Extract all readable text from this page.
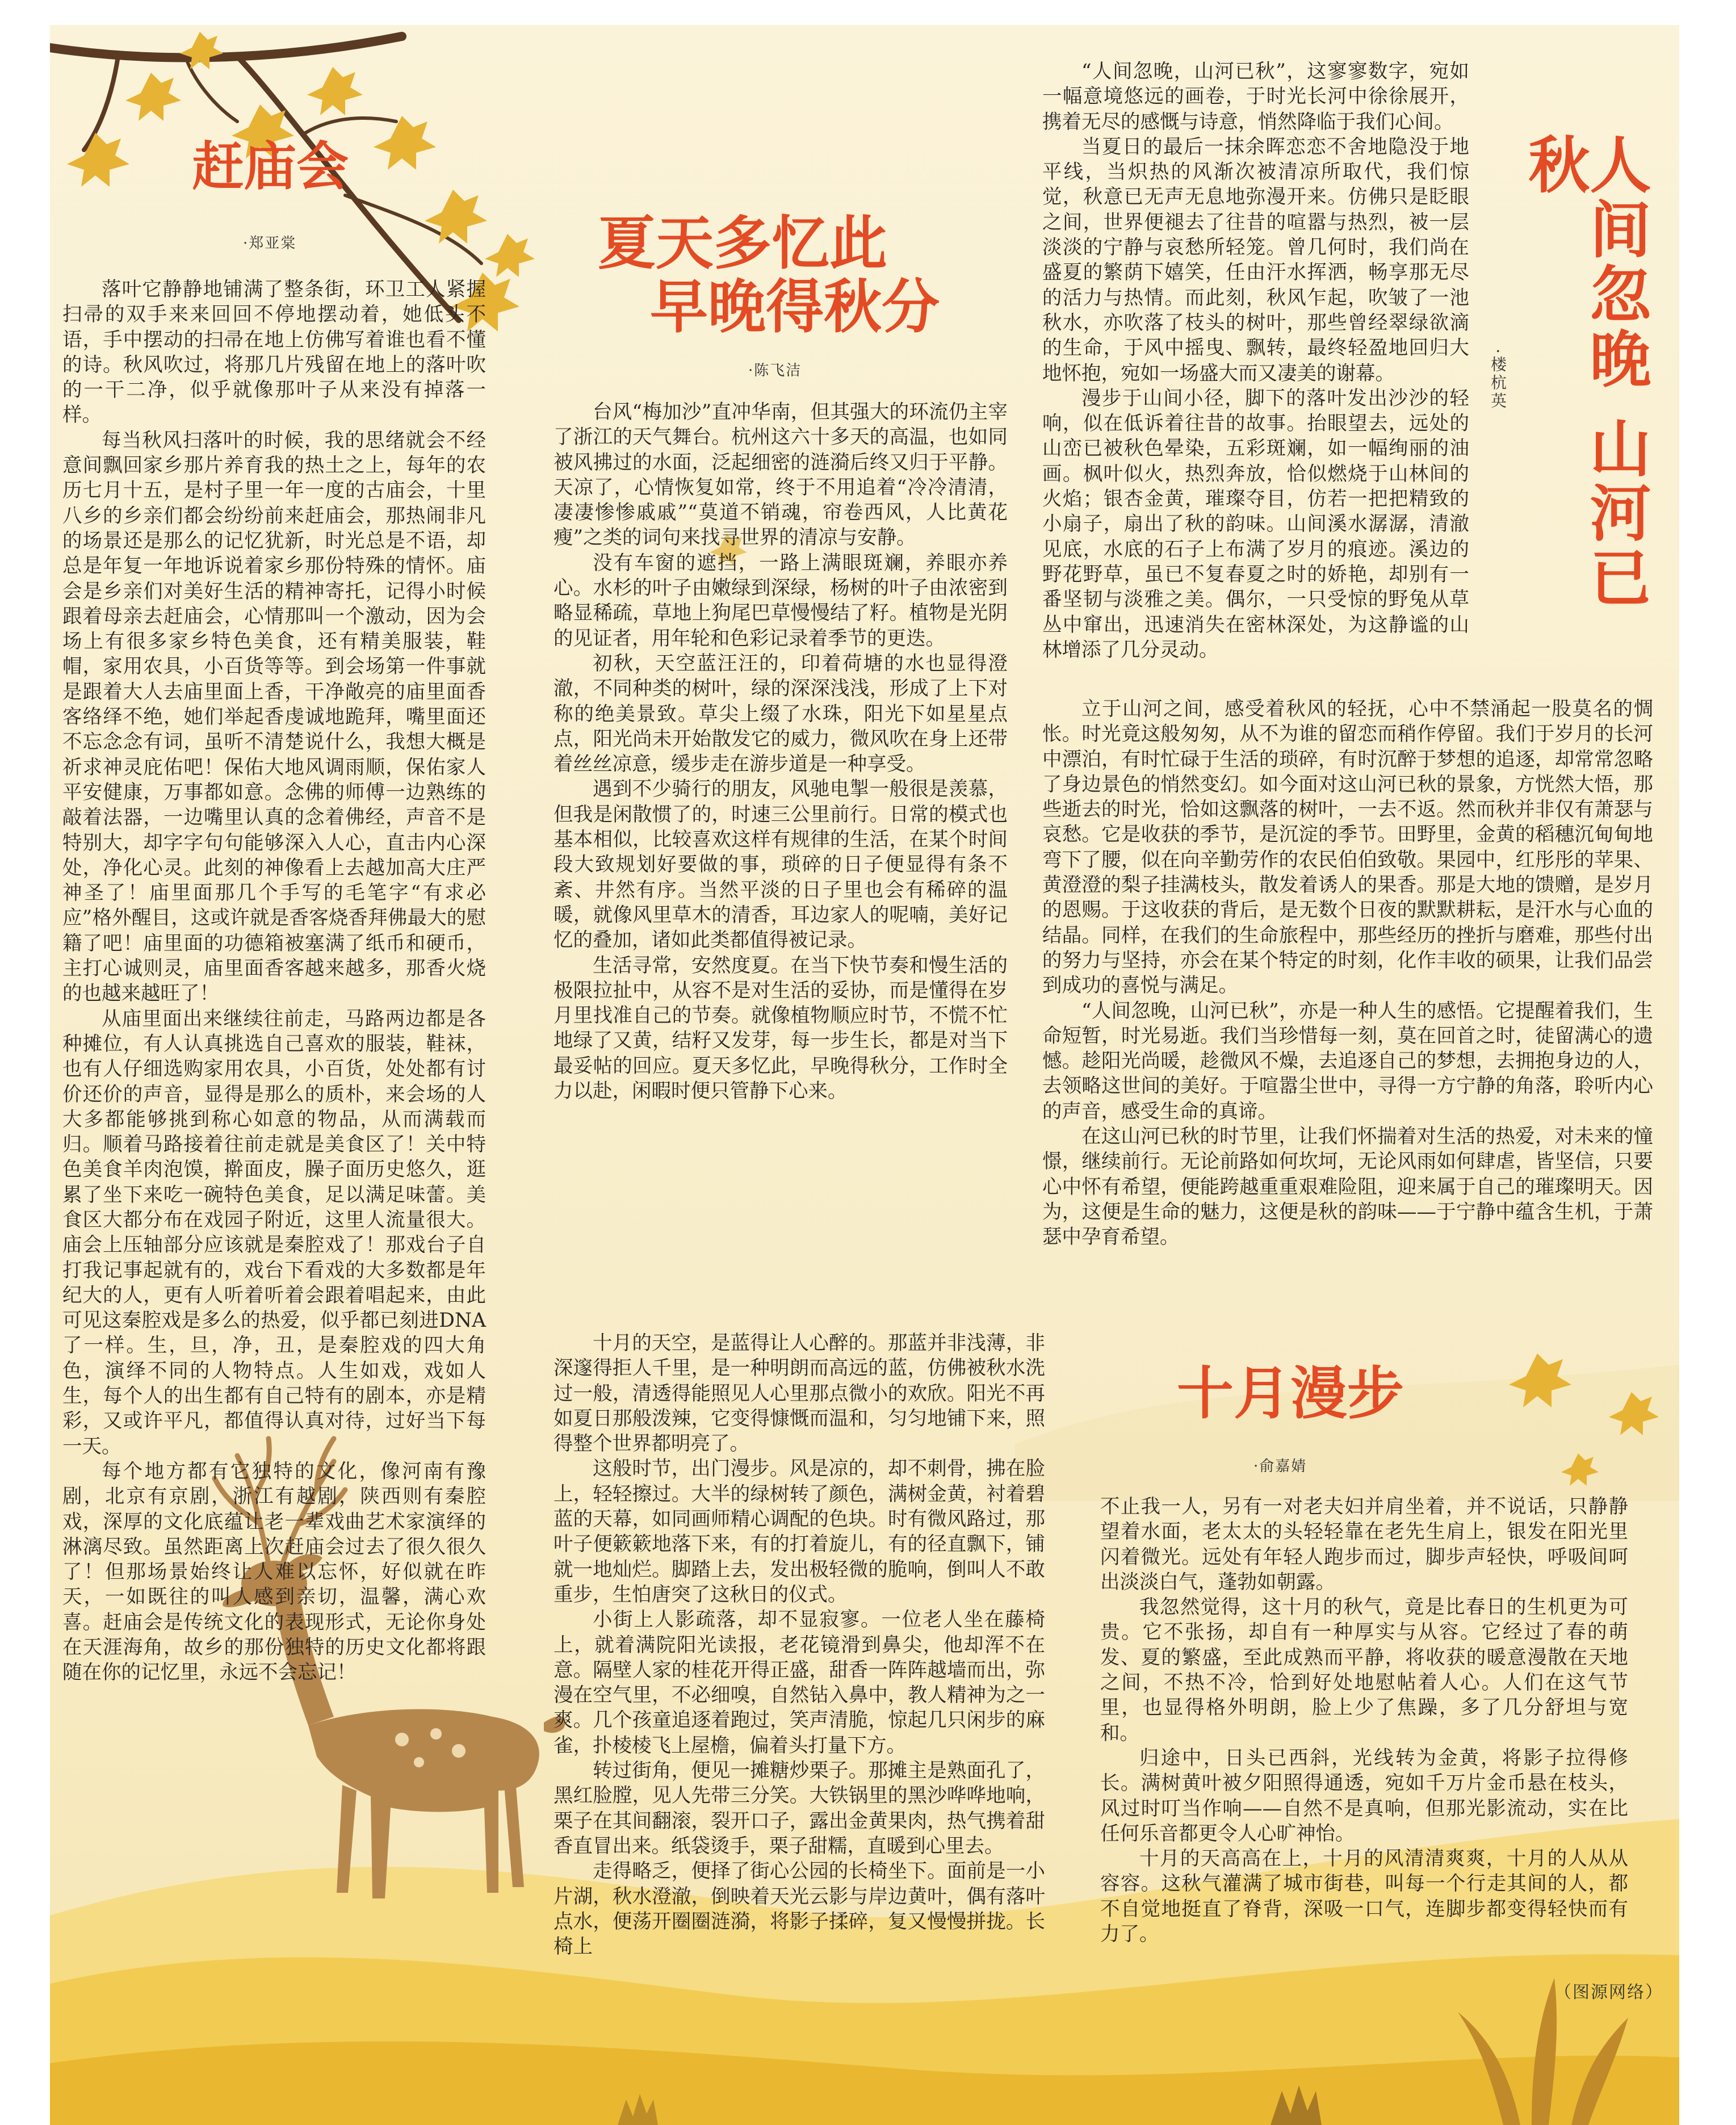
赶庙会
·郑亚棠

落叶它静静地铺满了整条街，环卫工人紧握扫帚的双手来来回回不停地摆动着，她低头不语，手中摆动的扫帚在地上仿佛写着谁也看不懂的诗。秋风吹过，将那几片残留在地上的落叶吹的一干二净，似乎就像那叶子从来没有掉落一样。

每当秋风扫落叶的时候，我的思绪就会不经意间飘回家乡那片养育我的热土之上，每年的农历七月十五，是村子里一年一度的古庙会，十里八乡的乡亲们都会纷纷前来赶庙会，那热闹非凡的场景还是那么的记忆犹新，时光总是不语，却总是年复一年地诉说着家乡那份特殊的情怀。庙会是乡亲们对美好生活的精神寄托，记得小时候跟着母亲去赶庙会，心情那叫一个激动，因为会场上有很多家乡特色美食，还有精美服装，鞋帽，家用农具，小百货等等。到会场第一件事就是跟着大人去庙里面上香，干净敞亮的庙里面香客络绎不绝，她们举起香虔诚地跪拜，嘴里面还不忘念念有词，虽听不清楚说什么，我想大概是祈求神灵庇佑吧！保佑大地风调雨顺，保佑家人平安健康，万事都如意。念佛的师傅一边熟练的敲着法器，一边嘴里认真的念着佛经，声音不是特别大，却字字句句能够深入人心，直击内心深处，净化心灵。此刻的神像看上去越加高大庄严神圣了！庙里面那几个手写的毛笔字“有求必应”格外醒目，这或许就是香客烧香拜佛最大的慰籍了吧！庙里面的功德箱被塞满了纸币和硬币，主打心诚则灵，庙里面香客越来越多，那香火烧的也越来越旺了！

从庙里面出来继续往前走，马路两边都是各种摊位，有人认真挑选自己喜欢的服装，鞋袜，也有人仔细选购家用农具，小百货，处处都有讨价还价的声音，显得是那么的质朴，来会场的人大多都能够挑到称心如意的物品，从而满载而归。顺着马路接着往前走就是美食区了！关中特色美食羊肉泡馍，擀面皮，臊子面历史悠久，逛累了坐下来吃一碗特色美食，足以满足味蕾。美食区大都分布在戏园子附近，这里人流量很大。庙会上压轴部分应该就是秦腔戏了！那戏台子自打我记事起就有的，戏台下看戏的大多数都是年纪大的人，更有人听着听着会跟着唱起来，由此可见这秦腔戏是多么的热爱，似乎都已刻进DNA了一样。生，旦，净，丑，是秦腔戏的四大角色，演绎不同的人物特点。人生如戏，戏如人生，每个人的出生都有自己特有的剧本，亦是精彩，又或许平凡，都值得认真对待，过好当下每一天。

每个地方都有它独特的文化，像河南有豫剧，北京有京剧，浙江有越剧，陕西则有秦腔戏，深厚的文化底蕴让老一辈戏曲艺术家演绎的淋漓尽致。虽然距离上次赶庙会过去了很久很久了！但那场景始终让人难以忘怀，好似就在昨天，一如既往的叫人感到亲切，温馨，满心欢喜。赶庙会是传统文化的表现形式，无论你身处在天涯海角，故乡的那份独特的历史文化都将跟随在你的记忆里，永远不会忘记！

夏天多忆此
早晚得秋分
·陈飞洁

台风“梅加沙”直冲华南，但其强大的环流仍主宰了浙江的天气舞台。杭州这六十多天的高温，也如同被风拂过的水面，泛起细密的涟漪后终又归于平静。天凉了，心情恢复如常，终于不用追着“冷冷清清，凄凄惨惨戚戚”“莫道不销魂，帘卷西风，人比黄花瘦”之类的词句来找寻世界的清凉与安静。

没有车窗的遮挡，一路上满眼斑斓，养眼亦养心。水杉的叶子由嫩绿到深绿，杨树的叶子由浓密到略显稀疏，草地上狗尾巴草慢慢结了籽。植物是光阴的见证者，用年轮和色彩记录着季节的更迭。

初秋，天空蓝汪汪的，印着荷塘的水也显得澄澈，不同种类的树叶，绿的深深浅浅，形成了上下对称的绝美景致。草尖上缀了水珠，阳光下如星星点点，阳光尚未开始散发它的威力，微风吹在身上还带着丝丝凉意，缓步走在游步道是一种享受。

遇到不少骑行的朋友，风驰电掣一般很是羡慕，但我是闲散惯了的，时速三公里前行。日常的模式也基本相似，比较喜欢这样有规律的生活，在某个时间段大致规划好要做的事，琐碎的日子便显得有条不紊、井然有序。当然平淡的日子里也会有稀碎的温暖，就像风里草木的清香，耳边家人的呢喃，美好记忆的叠加，诸如此类都值得被记录。

生活寻常，安然度夏。在当下快节奏和慢生活的极限拉扯中，从容不是对生活的妥协，而是懂得在岁月里找准自己的节奏。就像植物顺应时节，不慌不忙地绿了又黄，结籽又发芽，每一步生长，都是对当下最妥帖的回应。夏天多忆此，早晚得秋分，工作时全力以赴，闲暇时便只管静下心来。

人间忽晚 山河已秋
·楼杭英

“人间忽晚，山河已秋”，这寥寥数字，宛如一幅意境悠远的画卷，于时光长河中徐徐展开，携着无尽的感慨与诗意，悄然降临于我们心间。

当夏日的最后一抹余晖恋恋不舍地隐没于地平线，当炽热的风渐次被清凉所取代，我们惊觉，秋意已无声无息地弥漫开来。仿佛只是眨眼之间，世界便褪去了往昔的喧嚣与热烈，被一层淡淡的宁静与哀愁所轻笼。曾几何时，我们尚在盛夏的繁荫下嬉笑，任由汗水挥洒，畅享那无尽的活力与热情。而此刻，秋风乍起，吹皱了一池秋水，亦吹落了枝头的树叶，那些曾经翠绿欲滴的生命，于风中摇曳、飘转，最终轻盈地回归大地怀抱，宛如一场盛大而又凄美的谢幕。

漫步于山间小径，脚下的落叶发出沙沙的轻响，似在低诉着往昔的故事。抬眼望去，远处的山峦已被秋色晕染，五彩斑斓，如一幅绚丽的油画。枫叶似火，热烈奔放，恰似燃烧于山林间的火焰；银杏金黄，璀璨夺目，仿若一把把精致的小扇子，扇出了秋的韵味。山间溪水潺潺，清澈见底，水底的石子上布满了岁月的痕迹。溪边的野花野草，虽已不复春夏之时的娇艳，却别有一番坚韧与淡雅之美。偶尔，一只受惊的野兔从草丛中窜出，迅速消失在密林深处，为这静谧的山林增添了几分灵动。

立于山河之间，感受着秋风的轻抚，心中不禁涌起一股莫名的惆怅。时光竟这般匆匆，从不为谁的留恋而稍作停留。我们于岁月的长河中漂泊，有时忙碌于生活的琐碎，有时沉醉于梦想的追逐，却常常忽略了身边景色的悄然变幻。如今面对这山河已秋的景象，方恍然大悟，那些逝去的时光，恰如这飘落的树叶，一去不返。然而秋并非仅有萧瑟与哀愁。它是收获的季节，是沉淀的季节。田野里，金黄的稻穗沉甸甸地弯下了腰，似在向辛勤劳作的农民伯伯致敬。果园中，红彤彤的苹果、黄澄澄的梨子挂满枝头，散发着诱人的果香。那是大地的馈赠，是岁月的恩赐。于这收获的背后，是无数个日夜的默默耕耘，是汗水与心血的结晶。同样，在我们的生命旅程中，那些经历的挫折与磨难，那些付出的努力与坚持，亦会在某个特定的时刻，化作丰收的硕果，让我们品尝到成功的喜悦与满足。

“人间忽晚，山河已秋”，亦是一种人生的感悟。它提醒着我们，生命短暂，时光易逝。我们当珍惜每一刻，莫在回首之时，徒留满心的遗憾。趁阳光尚暖，趁微风不燥，去追逐自己的梦想，去拥抱身边的人，去领略这世间的美好。于喧嚣尘世中，寻得一方宁静的角落，聆听内心的声音，感受生命的真谛。

在这山河已秋的时节里，让我们怀揣着对生活的热爱，对未来的憧憬，继续前行。无论前路如何坎坷，无论风雨如何肆虐，皆坚信，只要心中怀有希望，便能跨越重重艰难险阻，迎来属于自己的璀璨明天。因为，这便是生命的魅力，这便是秋的韵味——于宁静中蕴含生机，于萧瑟中孕育希望。

十月漫步
·俞嘉婧

十月的天空，是蓝得让人心醉的。那蓝并非浅薄，非深邃得拒人千里，是一种明朗而高远的蓝，仿佛被秋水洗过一般，清透得能照见人心里那点微小的欢欣。阳光不再如夏日那般泼辣，它变得慷慨而温和，匀匀地铺下来，照得整个世界都明亮了。

这般时节，出门漫步。风是凉的，却不刺骨，拂在脸上，轻轻擦过。大半的绿树转了颜色，满树金黄，衬着碧蓝的天幕，如同画师精心调配的色块。时有微风路过，那叶子便簌簌地落下来，有的打着旋儿，有的径直飘下，铺就一地灿烂。脚踏上去，发出极轻微的脆响，倒叫人不敢重步，生怕唐突了这秋日的仪式。

小街上人影疏落，却不显寂寥。一位老人坐在藤椅上，就着满院阳光读报，老花镜滑到鼻尖，他却浑不在意。隔壁人家的桂花开得正盛，甜香一阵阵越墙而出，弥漫在空气里，不必细嗅，自然钻入鼻中，教人精神为之一爽。几个孩童追逐着跑过，笑声清脆，惊起几只闲步的麻雀，扑棱棱飞上屋檐，偏着头打量下方。

转过街角，便见一摊糖炒栗子。那摊主是熟面孔了，黑红脸膛，见人先带三分笑。大铁锅里的黑沙哗哗地响，栗子在其间翻滚，裂开口子，露出金黄果肉，热气携着甜香直冒出来。纸袋烫手，栗子甜糯，直暖到心里去。

走得略乏，便择了街心公园的长椅坐下。面前是一小片湖，秋水澄澈，倒映着天光云影与岸边黄叶，偶有落叶点水，便荡开圈圈涟漪，将影子揉碎，复又慢慢拼拢。长椅上

不止我一人，另有一对老夫妇并肩坐着，并不说话，只静静望着水面，老太太的头轻轻靠在老先生肩上，银发在阳光里闪着微光。远处有年轻人跑步而过，脚步声轻快，呼吸间呵出淡淡白气，蓬勃如朝露。

我忽然觉得，这十月的秋气，竟是比春日的生机更为可贵。它不张扬，却自有一种厚实与从容。它经过了春的萌发、夏的繁盛，至此成熟而平静，将收获的暖意漫散在天地之间，不热不冷，恰到好处地慰帖着人心。人们在这气节里，也显得格外明朗，脸上少了焦躁，多了几分舒坦与宽和。

归途中，日头已西斜，光线转为金黄，将影子拉得修长。满树黄叶被夕阳照得通透，宛如千万片金币悬在枝头，风过时叮当作响——自然不是真响，但那光影流动，实在比任何乐音都更令人心旷神怡。

十月的天高高在上，十月的风清清爽爽，十月的人从从容容。这秋气灌满了城市街巷，叫每一个行走其间的人，都不自觉地挺直了脊背，深吸一口气，连脚步都变得轻快而有力了。

（图源网络）
